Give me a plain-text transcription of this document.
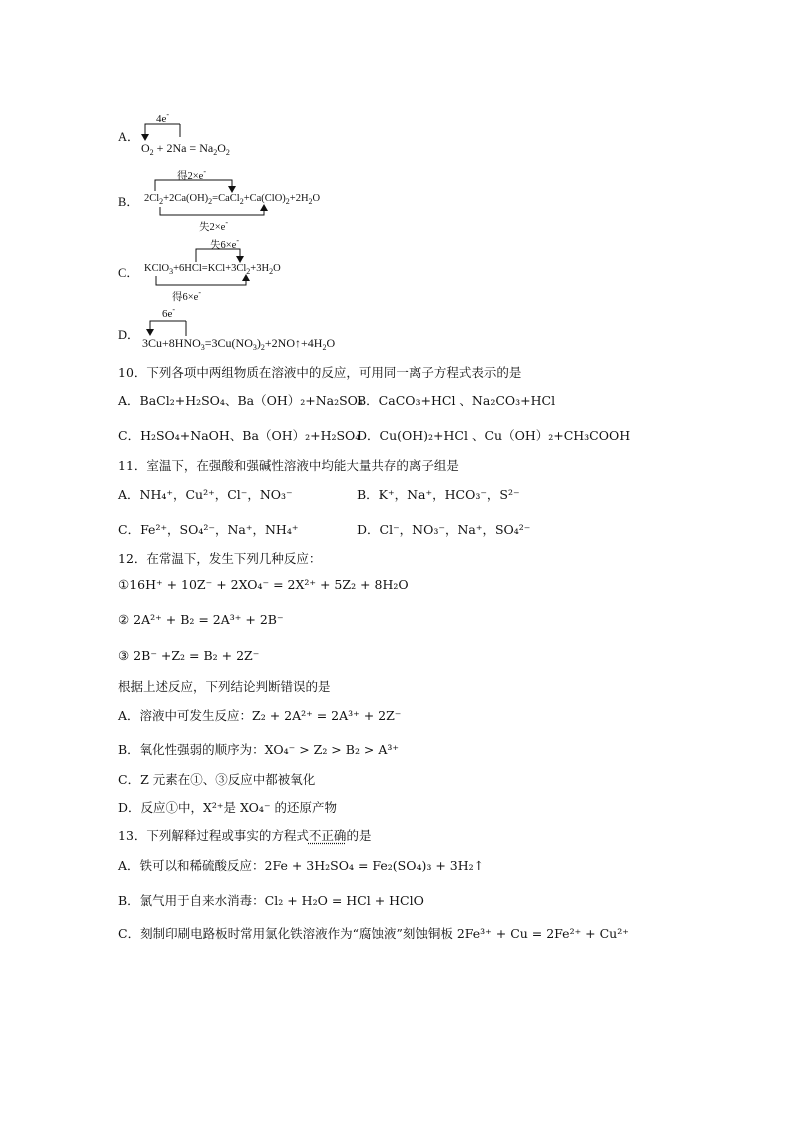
A．
4e-
$O_2 + 2Na = Na_2O_2$
B．
得2×e-
$2Cl_2+2Ca(OH)_2=CaCl_2+Ca(ClO)_2+2H_2O$
失2×e-
C．
失6×e-
$KClO_3+6HCl=KCl+3Cl_2+3H_2O$
得6×e-
D．
6e-
$3Cu+8HNO_3=3Cu(NO_3)_2+2NO↑+4H_2O$
10．下列各项中两组物质在溶液中的反应，可用同一离子方程式表示的是
A．BaCl₂+H₂SO₄、Ba（OH）₂+Na₂SO₄
B．CaCO₃+HCl 、Na₂CO₃+HCl
C．H₂SO₄+NaOH、Ba（OH）₂+H₂SO₄
D．Cu(OH)₂+HCl 、Cu（OH）₂+CH₃COOH
11．室温下，在强酸和强碱性溶液中均能大量共存的离子组是
A．NH₄⁺，Cu²⁺，Cl⁻，NO₃⁻	B．K⁺，Na⁺，HCO₃⁻，S²⁻
C．Fe²⁺，SO₄²⁻，Na⁺，NH₄⁺	D．Cl⁻，NO₃⁻，Na⁺，SO₄²⁻
12．在常温下，发生下列几种反应：
①16H⁺ + 10Z⁻ + 2XO₄⁻ = 2X²⁺ + 5Z₂ + 8H₂O
② 2A²⁺ + B₂ = 2A³⁺ + 2B⁻
③ 2B⁻ +Z₂ = B₂ + 2Z⁻
根据上述反应，下列结论判断错误的是
A．溶液中可发生反应：Z₂ + 2A²⁺ = 2A³⁺ + 2Z⁻
B．氧化性强弱的顺序为：XO₄⁻ > Z₂ > B₂ > A³⁺
C．Z 元素在①、③反应中都被氧化
D．反应①中，X²⁺是 XO₄⁻ 的还原产物
13．下列解释过程或事实的方程式不正确的是
A．铁可以和稀硫酸反应：2Fe + 3H₂SO₄ = Fe₂(SO₄)₃ + 3H₂↑
B．氯气用于自来水消毒：Cl₂ + H₂O = HCl + HClO
C．刻制印刷电路板时常用氯化铁溶液作为“腐蚀液”刻蚀铜板 2Fe³⁺ + Cu = 2Fe²⁺ + Cu²⁺
